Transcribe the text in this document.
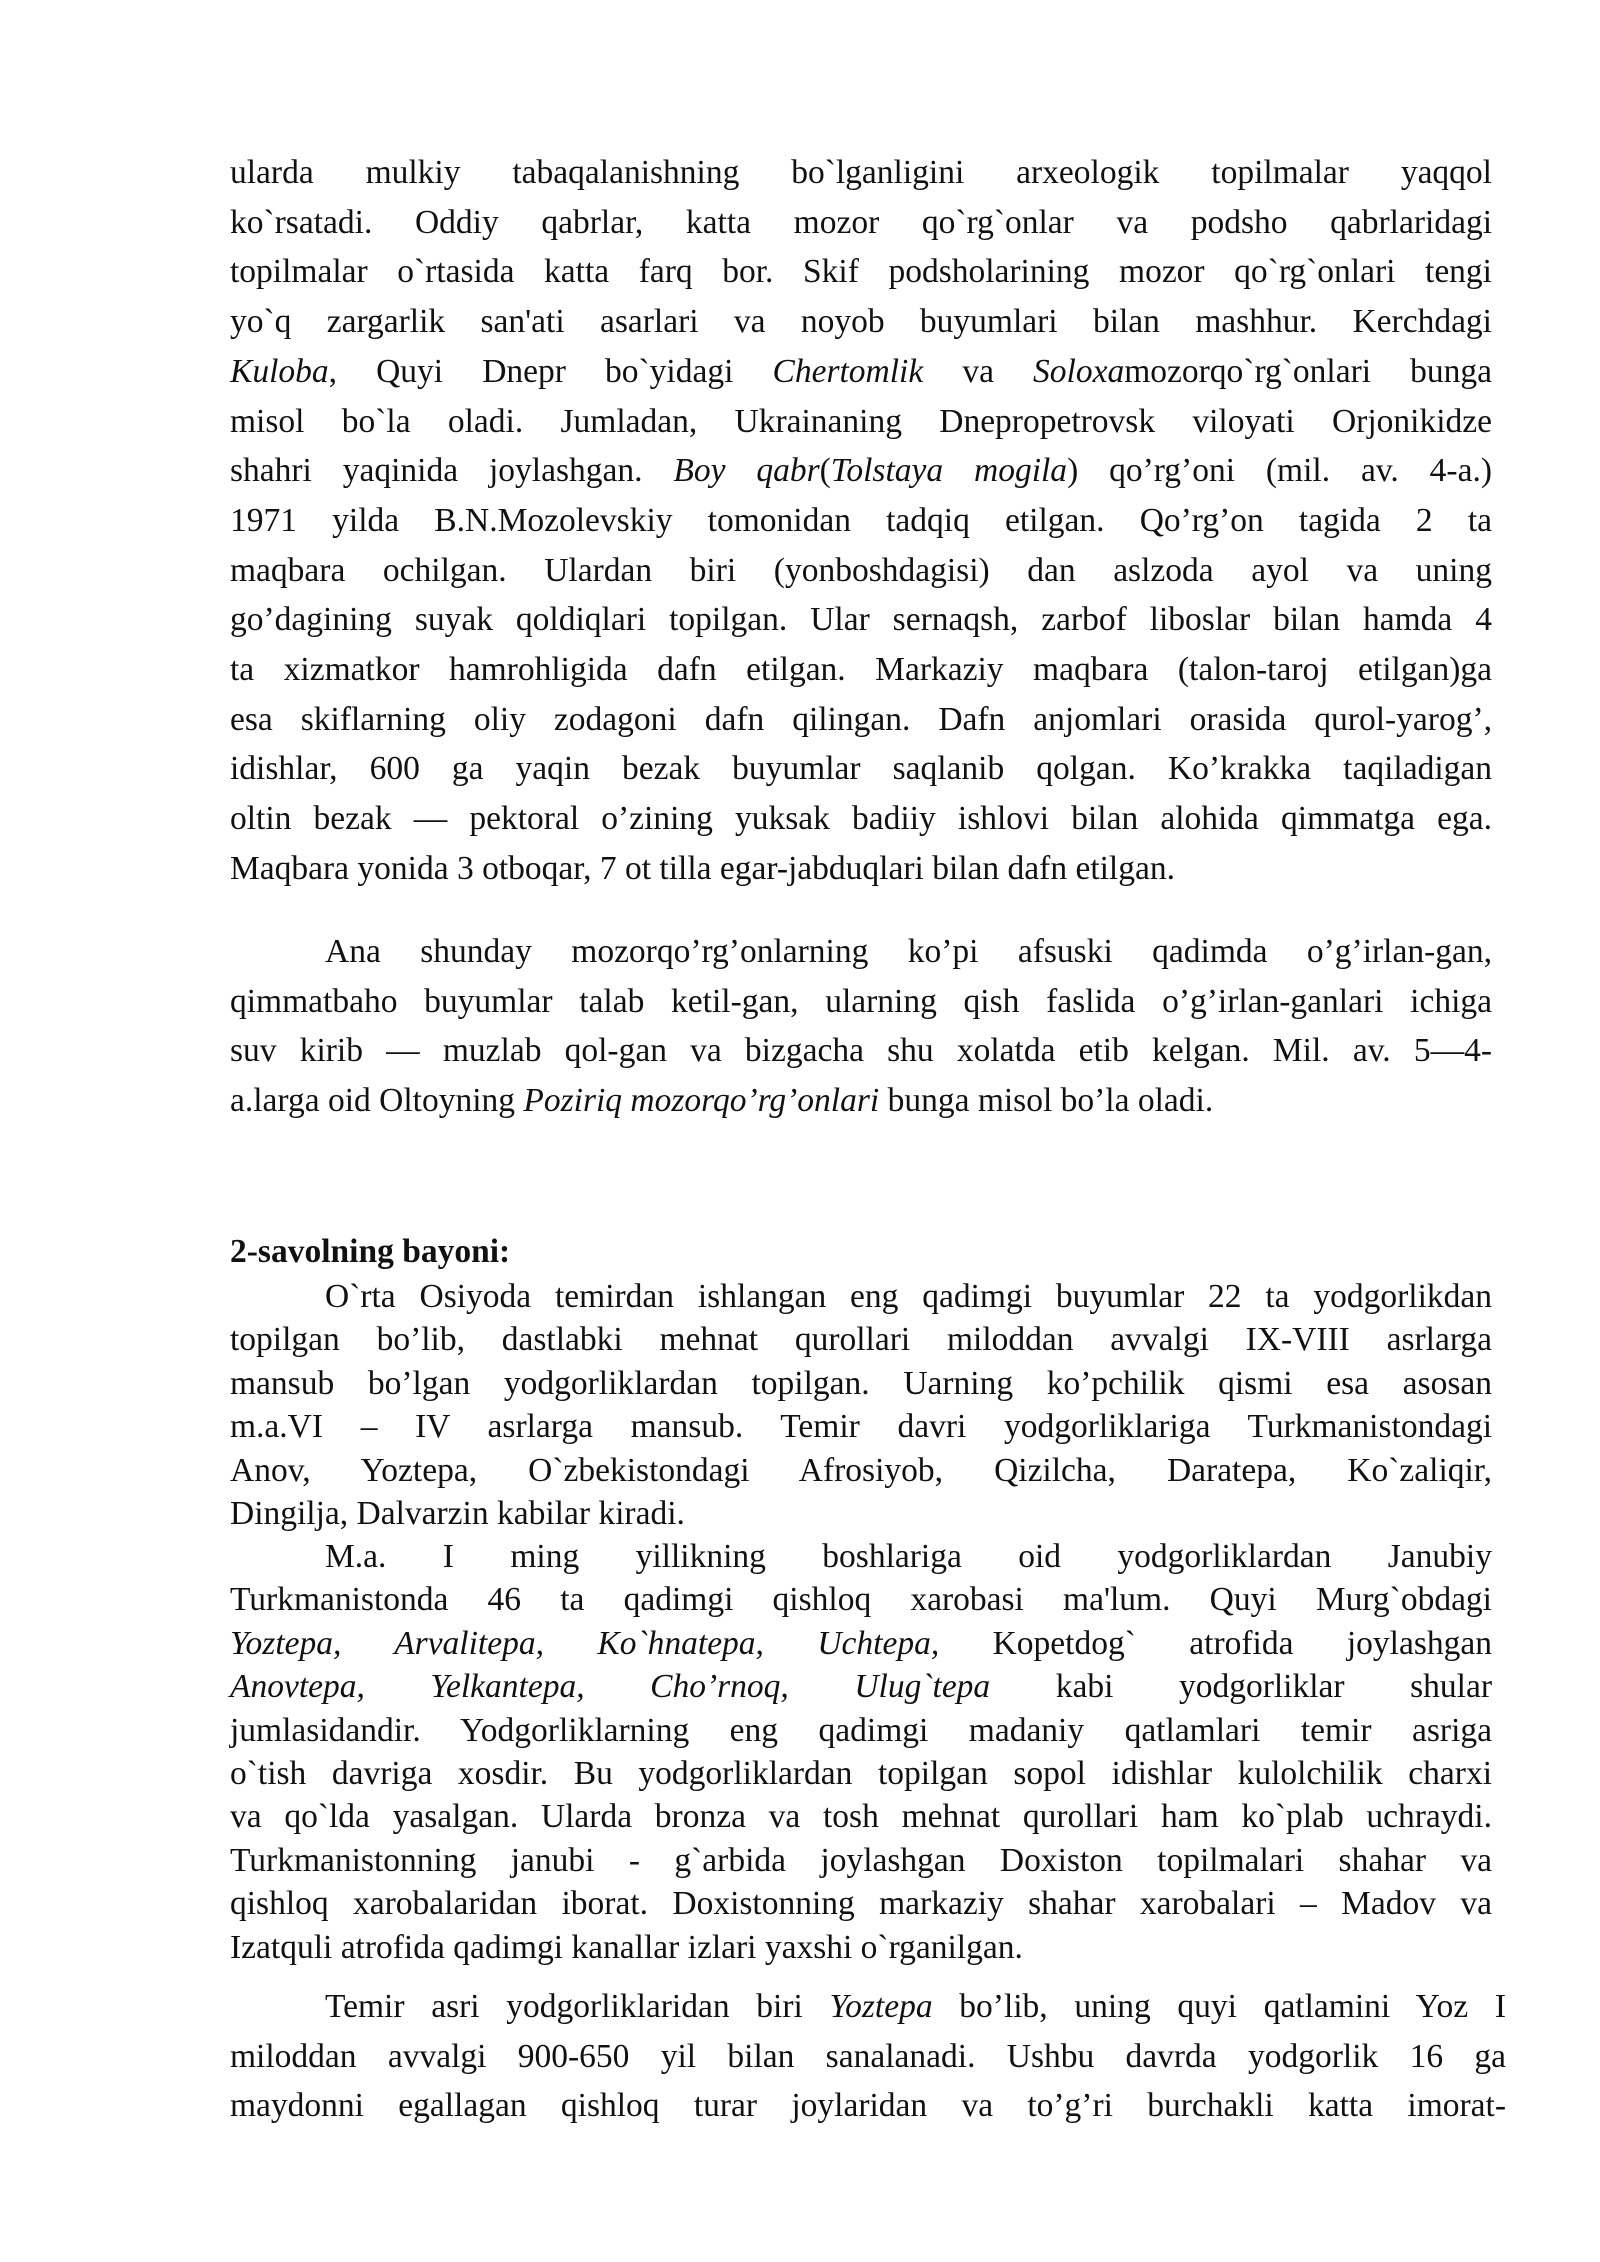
ularda mulkiy tabaqalanishning bo`lganligini arxeologik topilmalar yaqqol
ko`rsatadi. Oddiy qabrlar, katta mozor qo`rg`onlar va podsho qabrlaridagi
topilmalar o`rtasida katta farq bor. Skif podsholarining mozor qo`rg`onlari tengi
yo`q zargarlik san'ati asarlari va noyob buyumlari bilan mashhur. Kerchdagi
Kuloba, Quyi Dnepr bo`yidagi Chertomlik va Soloxamozorqo`rg`onlari bunga
misol bo`la oladi. Jumladan, Ukrainaning Dnepropetrovsk viloyati Orjonikidze
shahri yaqinida joylashgan. Boy qabr(Tolstaya mogila) qo’rg’oni (mil. av. 4-a.)
1971 yilda B.N.Mozolevskiy tomonidan tadqiq etilgan. Qo’rg’on tagida 2 ta
maqbara ochilgan. Ulardan biri (yonboshdagisi) dan aslzoda ayol va uning
go’dagining suyak qoldiqlari topilgan. Ular sernaqsh, zarbof liboslar bilan hamda 4
ta xizmatkor hamrohligida dafn etilgan. Markaziy maqbara (talon-taroj etilgan)ga
esa skiflarning oliy zodagoni dafn qilingan. Dafn anjomlari orasida qurol-yarog’,
idishlar, 600 ga yaqin bezak buyumlar saqlanib qolgan. Ko’krakka taqiladigan
oltin bezak — pektoral o’zining yuksak badiiy ishlovi bilan alohida qimmatga ega.
Maqbara yonida 3 otboqar, 7 ot tilla egar-jabduqlari bilan dafn etilgan.
Ana shunday mozorqo’rg’onlarning ko’pi afsuski qadimda o’g’irlan-gan,
qimmatbaho buyumlar talab ketil-gan, ularning qish faslida o’g’irlan-ganlari ichiga
suv kirib — muzlab qol-gan va bizgacha shu xolatda etib kelgan. Mil. av. 5—4-
a.larga oid Oltoyning Poziriq mozorqo’rg’onlari bunga misol bo’la oladi.
2-savolning bayoni:
O`rta Osiyoda temirdan ishlangan eng qadimgi buyumlar 22 ta yodgorlikdan
topilgan bo’lib, dastlabki mehnat qurollari miloddan avvalgi IX-VIII asrlarga
mansub bo’lgan yodgorliklardan topilgan. Uarning ko’pchilik qismi esa asosan
m.a.VI – IV asrlarga mansub. Temir davri yodgorliklariga Turkmanistondagi
Anov, Yoztepa, O`zbekistondagi Afrosiyob, Qizilcha, Daratepa, Ko`zaliqir,
Dingilja, Dalvarzin kabilar kiradi.
M.a. I ming yillikning boshlariga oid yodgorliklardan Janubiy
Turkmanistonda 46 ta qadimgi qishloq xarobasi ma'lum. Quyi Murg`obdagi
Yoztepa, Arvalitepa, Ko`hnatepa, Uchtepa, Kopetdog` atrofida joylashgan
Anovtepa, Yelkantepa, Cho’rnoq, Ulug`tepa kabi yodgorliklar shular
jumlasidandir. Yodgorliklarning eng qadimgi madaniy qatlamlari temir asriga
o`tish davriga xosdir. Bu yodgorliklardan topilgan sopol idishlar kulolchilik charxi
va qo`lda yasalgan. Ularda bronza va tosh mehnat qurollari ham ko`plab uchraydi.
Turkmanistonning janubi - g`arbida joylashgan Doxiston topilmalari shahar va
qishloq xarobalaridan iborat. Doxistonning markaziy shahar xarobalari – Madov va
Izatquli atrofida qadimgi kanallar izlari yaxshi o`rganilgan.
Temir asri yodgorliklaridan biri Yoztepa bo’lib, uning quyi qatlamini Yoz I
miloddan avvalgi 900-650 yil bilan sanalanadi. Ushbu davrda yodgorlik 16 ga
maydonni egallagan qishloq turar joylaridan va to’g’ri burchakli katta imorat-
